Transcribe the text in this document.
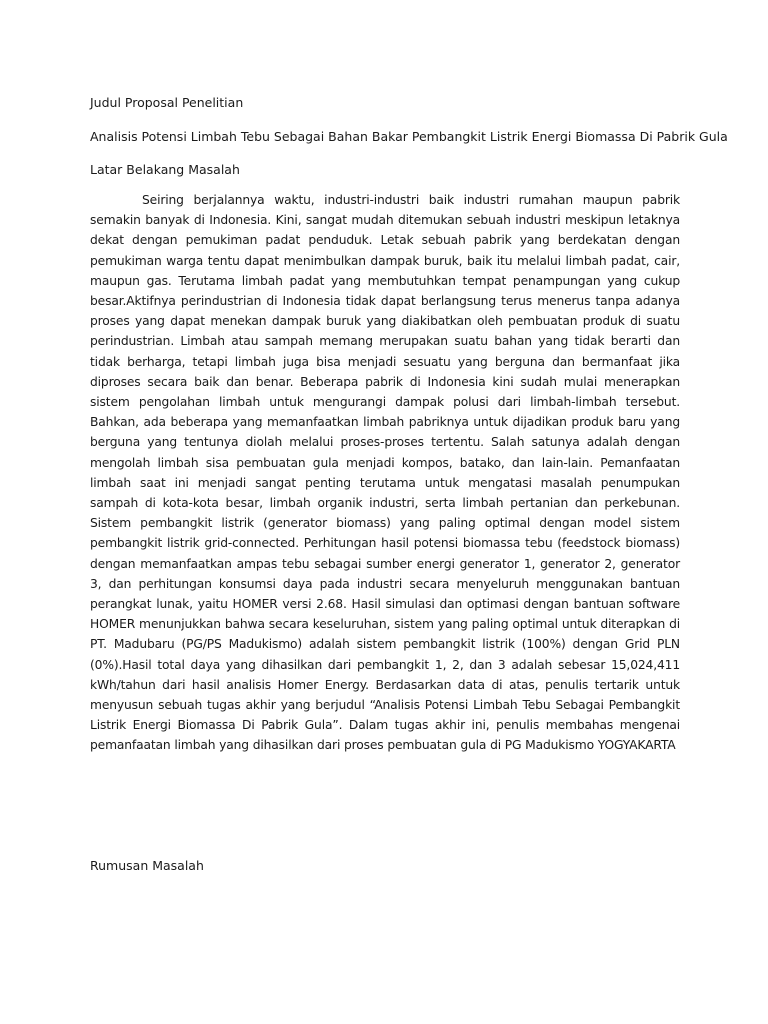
Judul Proposal Penelitian
Analisis Potensi Limbah Tebu Sebagai Bahan Bakar Pembangkit Listrik Energi Biomassa Di Pabrik Gula
Latar Belakang Masalah

Seiring berjalannya waktu, industri-industri baik industri rumahan maupun pabrik semakin banyak di Indonesia. Kini, sangat mudah ditemukan sebuah industri meskipun letaknya dekat dengan pemukiman padat penduduk. Letak sebuah pabrik yang berdekatan dengan pemukiman warga tentu dapat menimbulkan dampak buruk, baik itu melalui limbah padat, cair, maupun gas. Terutama limbah padat yang membutuhkan tempat penampungan yang cukup besar.Aktifnya perindustrian di Indonesia tidak dapat berlangsung terus menerus tanpa adanya proses yang dapat menekan dampak buruk yang diakibatkan oleh pembuatan produk di suatu perindustrian. Limbah atau sampah memang merupakan suatu bahan yang tidak berarti dan tidak berharga, tetapi limbah juga bisa menjadi sesuatu yang berguna dan bermanfaat jika diproses secara baik dan benar. Beberapa pabrik di Indonesia kini sudah mulai menerapkan sistem pengolahan limbah untuk mengurangi dampak polusi dari limbah-limbah tersebut. Bahkan, ada beberapa yang memanfaatkan limbah pabriknya untuk dijadikan produk baru yang berguna yang tentunya diolah melalui proses-proses tertentu. Salah satunya adalah dengan mengolah limbah sisa pembuatan gula menjadi kompos, batako, dan lain-lain. Pemanfaatan limbah saat ini menjadi sangat penting terutama untuk mengatasi masalah penumpukan sampah di kota-kota besar, limbah organik industri, serta limbah pertanian dan perkebunan. Sistem pembangkit listrik (generator biomass) yang paling optimal dengan model sistem pembangkit listrik grid-connected. Perhitungan hasil potensi biomassa tebu (feedstock biomass) dengan memanfaatkan ampas tebu sebagai sumber energi generator 1, generator 2, generator 3, dan perhitungan konsumsi daya pada industri secara menyeluruh menggunakan bantuan perangkat lunak, yaitu HOMER versi 2.68. Hasil simulasi dan optimasi dengan bantuan software HOMER menunjukkan bahwa secara keseluruhan, sistem yang paling optimal untuk diterapkan di PT. Madubaru (PG/PS Madukismo) adalah sistem pembangkit listrik (100%) dengan Grid PLN (0%).Hasil total daya yang dihasilkan dari pembangkit 1, 2, dan 3 adalah sebesar 15,024,411 kWh/tahun dari hasil analisis Homer Energy. Berdasarkan data di atas, penulis tertarik untuk menyusun sebuah tugas akhir yang berjudul “Analisis Potensi Limbah Tebu Sebagai Pembangkit Listrik Energi Biomassa Di Pabrik Gula”. Dalam tugas akhir ini, penulis membahas mengenai pemanfaatan limbah yang dihasilkan dari proses pembuatan gula di PG Madukismo YOGYAKARTA

Rumusan Masalah
